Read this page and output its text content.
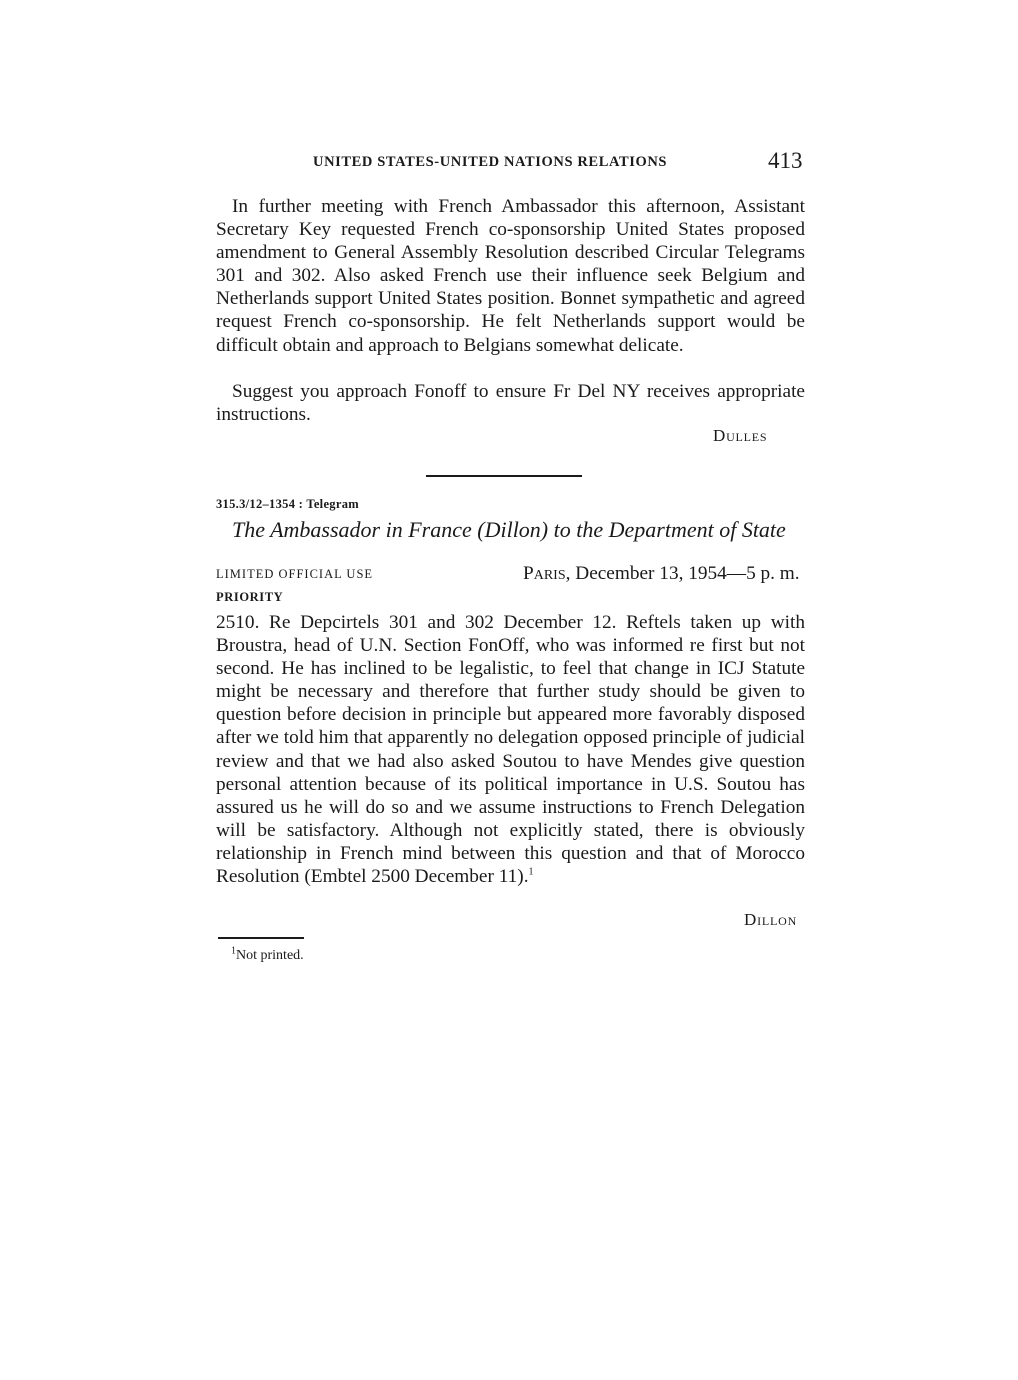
UNITED STATES-UNITED NATIONS RELATIONS	413

In further meeting with French Ambassador this afternoon, Assistant Secretary Key requested French co-sponsorship United States proposed amendment to General Assembly Resolution described Circular Telegrams 301 and 302. Also asked French use their influence seek Belgium and Netherlands support United States position. Bonnet sympathetic and agreed request French co-sponsorship. He felt Netherlands support would be difficult obtain and approach to Belgians somewhat delicate.

Suggest you approach Fonoff to ensure Fr Del NY receives appropriate instructions.

Dulles
315.3/12–1354 : Telegram
The Ambassador in France (Dillon) to the Department of State
LIMITED OFFICIAL USE
PRIORITY
Paris, December 13, 1954—5 p. m.

2510. Re Depcirtels 301 and 302 December 12. Reftels taken up with Broustra, head of U.N. Section FonOff, who was informed re first but not second. He has inclined to be legalistic, to feel that change in ICJ Statute might be necessary and therefore that further study should be given to question before decision in principle but appeared more favorably disposed after we told him that apparently no delegation opposed principle of judicial review and that we had also asked Soutou to have Mendes give question personal attention because of its political importance in U.S. Soutou has assured us he will do so and we assume instructions to French Delegation will be satisfactory. Although not explicitly stated, there is obviously relationship in French mind between this question and that of Morocco Resolution (Embtel 2500 December 11).$^1$

Dillon
$^1$Not printed.
